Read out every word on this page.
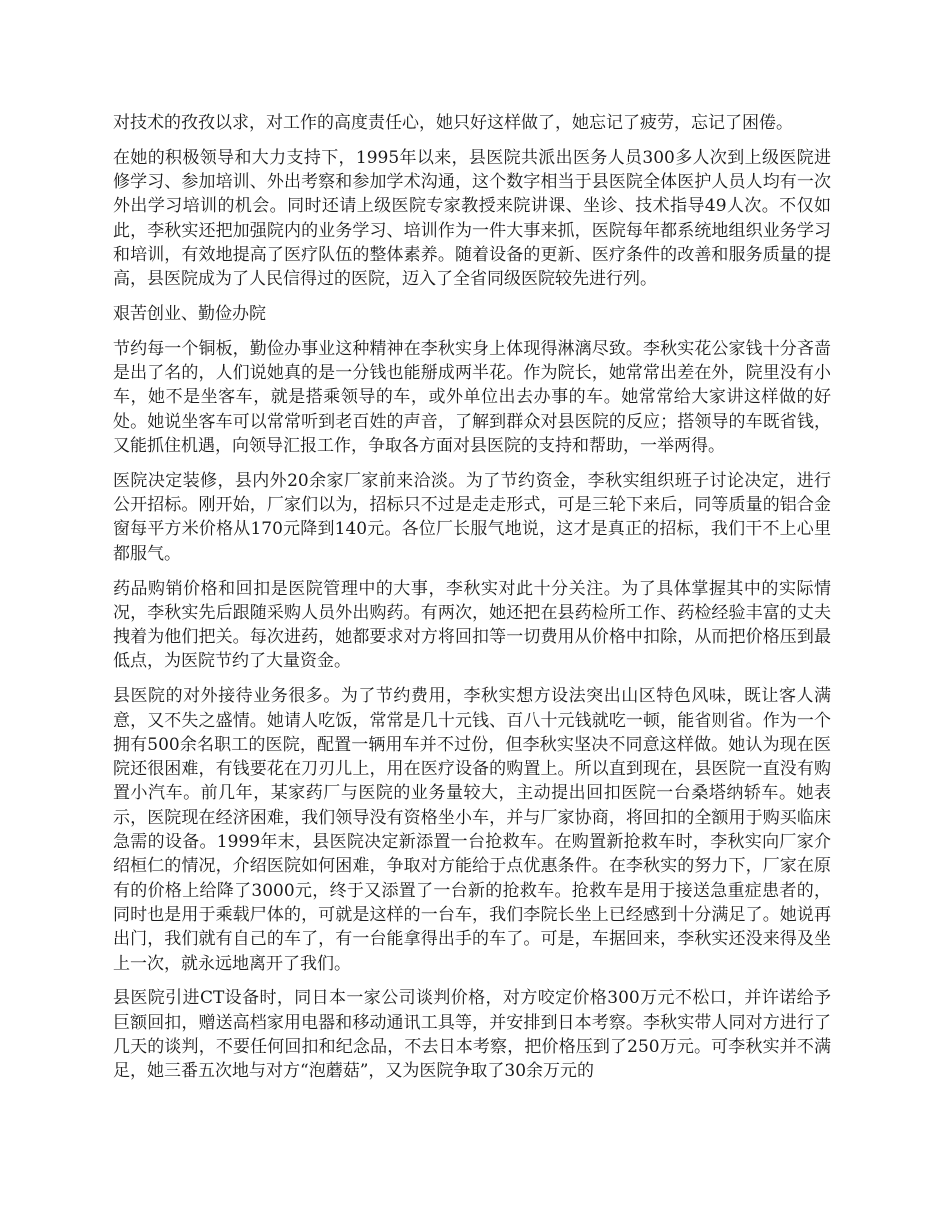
对技术的孜孜以求，对工作的高度责任心，她只好这样做了，她忘记了疲劳，忘记了困倦。

在她的积极领导和大力支持下，1995年以来，县医院共派出医务人员300多人次到上级医院进修学习、参加培训、外出考察和参加学术沟通，这个数字相当于县医院全体医护人员人均有一次外出学习培训的机会。同时还请上级医院专家教授来院讲课、坐诊、技术指导49人次。不仅如此，李秋实还把加强院内的业务学习、培训作为一件大事来抓，医院每年都系统地组织业务学习和培训，有效地提高了医疗队伍的整体素养。随着设备的更新、医疗条件的改善和服务质量的提高，县医院成为了人民信得过的医院，迈入了全省同级医院较先进行列。

艰苦创业、勤俭办院

节约每一个铜板，勤俭办事业这种精神在李秋实身上体现得淋漓尽致。李秋实花公家钱十分吝啬是出了名的，人们说她真的是一分钱也能掰成两半花。作为院长，她常常出差在外，院里没有小车，她不是坐客车，就是搭乘领导的车，或外单位出去办事的车。她常常给大家讲这样做的好处。她说坐客车可以常常听到老百姓的声音，了解到群众对县医院的反应；搭领导的车既省钱，又能抓住机遇，向领导汇报工作，争取各方面对县医院的支持和帮助，一举两得。

医院决定装修，县内外20余家厂家前来洽淡。为了节约资金，李秋实组织班子讨论决定，进行公开招标。刚开始，厂家们以为，招标只不过是走走形式，可是三轮下来后，同等质量的铝合金窗每平方米价格从170元降到140元。各位厂长服气地说，这才是真正的招标，我们干不上心里都服气。

药品购销价格和回扣是医院管理中的大事，李秋实对此十分关注。为了具体掌握其中的实际情况，李秋实先后跟随采购人员外出购药。有两次，她还把在县药检所工作、药检经验丰富的丈夫拽着为他们把关。每次进药，她都要求对方将回扣等一切费用从价格中扣除，从而把价格压到最低点，为医院节约了大量资金。

县医院的对外接待业务很多。为了节约费用，李秋实想方设法突出山区特色风味，既让客人满意，又不失之盛情。她请人吃饭，常常是几十元钱、百八十元钱就吃一顿，能省则省。作为一个拥有500余名职工的医院，配置一辆用车并不过份，但李秋实坚决不同意这样做。她认为现在医院还很困难，有钱要花在刀刃儿上，用在医疗设备的购置上。所以直到现在，县医院一直没有购置小汽车。前几年，某家药厂与医院的业务量较大，主动提出回扣医院一台桑塔纳轿车。她表示，医院现在经济困难，我们领导没有资格坐小车，并与厂家协商，将回扣的全额用于购买临床急需的设备。1999年末，县医院决定新添置一台抢救车。在购置新抢救车时，李秋实向厂家介绍桓仁的情况，介绍医院如何困难，争取对方能给于点优惠条件。在李秋实的努力下，厂家在原有的价格上给降了3000元，终于又添置了一台新的抢救车。抢救车是用于接送急重症患者的，同时也是用于乘载尸体的，可就是这样的一台车，我们李院长坐上已经感到十分满足了。她说再出门，我们就有自己的车了，有一台能拿得出手的车了。可是，车据回来，李秋实还没来得及坐上一次，就永远地离开了我们。

县医院引进CT设备时，同日本一家公司谈判价格，对方咬定价格300万元不松口，并许诺给予巨额回扣，赠送高档家用电器和移动通讯工具等，并安排到日本考察。李秋实带人同对方进行了几天的谈判，不要任何回扣和纪念品，不去日本考察，把价格压到了250万元。可李秋实并不满足，她三番五次地与对方“泡蘑菇”，又为医院争取了30余万元的
